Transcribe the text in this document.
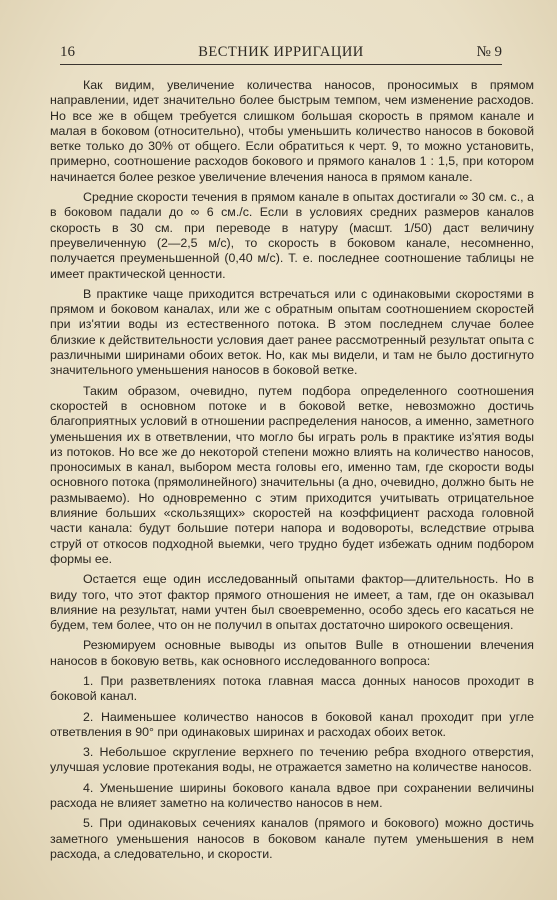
16	ВЕСТНИК ИРРИГАЦИИ	№ 9

Как видим, увеличение количества наносов, проносимых в прямом направлении, идет значительно более быстрым темпом, чем изменение расходов. Но все же в общем требуется слишком большая скорость в прямом канале и малая в боковом (относительно), чтобы уменьшить количество наносов в боковой ветке только до 30% от общего. Если обратиться к черт. 9, то можно установить, примерно, соотношение расходов бокового и прямого каналов 1 : 1,5, при котором начинается более резкое увеличение влечения наноса в прямом канале.

Средние скорости течения в прямом канале в опытах достигали ∞ 30 см. с., а в боковом падали до ∞ 6 см./с. Если в условиях средних размеров каналов скорость в 30 см. при переводе в натуру (масшт. 1/50) даст величину преувеличенную (2—2,5 м/с), то скорость в боковом канале, несомненно, получается преуменьшенной (0,40 м/с). Т. е. последнее соотношение таблицы не имеет практической ценности.

В практике чаще приходится встречаться или с одинаковыми скоростями в прямом и боковом каналах, или же с обратным опытам соотношением скоростей при из'ятии воды из естественного потока. В этом последнем случае более близкие к действительности условия дает ранее рассмотренный результат опыта с различными ширинами обоих веток. Но, как мы видели, и там не было достигнуто значительного уменьшения наносов в боковой ветке.

Таким образом, очевидно, путем подбора определенного соотношения скоростей в основном потоке и в боковой ветке, невозможно достичь благоприятных условий в отношении распределения наносов, а именно, заметного уменьшения их в ответвлении, что могло бы играть роль в практике из'ятия воды из потоков. Но все же до некоторой степени можно влиять на количество наносов, проносимых в канал, выбором места головы его, именно там, где скорости воды основного потока (прямолинейного) значительны (а дно, очевидно, должно быть не размываемо). Но одновременно с этим приходится учитывать отрицательное влияние больших «скользящих» скоростей на коэффициент расхода головной части канала: будут большие потери напора и водовороты, вследствие отрыва струй от откосов подходной выемки, чего трудно будет избежать одним подбором формы ее.

Остается еще один исследованный опытами фактор—длительность. Но в виду того, что этот фактор прямого отношения не имеет, а там, где он оказывал влияние на результат, нами учтен был своевременно, особо здесь его касаться не будем, тем более, что он не получил в опытах достаточно широкого освещения.

Резюмируем основные выводы из опытов Bulle в отношении влечения наносов в боковую ветвь, как основного исследованного вопроса:

1. При разветвлениях потока главная масса донных наносов проходит в боковой канал.

2. Наименьшее количество наносов в боковой канал проходит при угле ответвления в 90° при одинаковых ширинах и расходах обоих веток.

3. Небольшое скругление верхнего по течению ребра входного отверстия, улучшая условие протекания воды, не отражается заметно на количестве наносов.

4. Уменьшение ширины бокового канала вдвое при сохранении величины расхода не влияет заметно на количество наносов в нем.

5. При одинаковых сечениях каналов (прямого и бокового) можно достичь заметного уменьшения наносов в боковом канале путем уменьшения в нем расхода, а следовательно, и скорости.
